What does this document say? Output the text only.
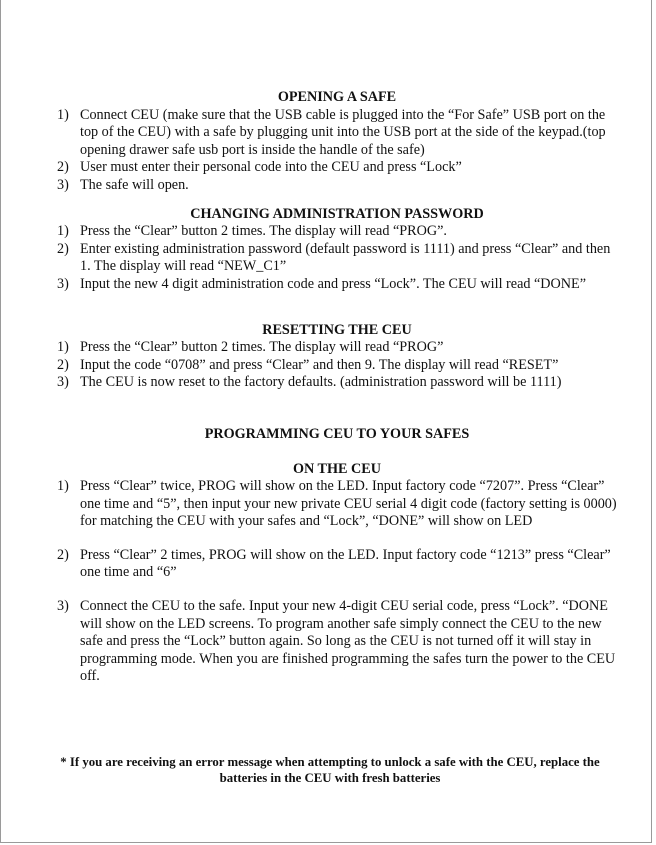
OPENING A SAFE

1) Connect CEU (make sure that the USB cable is plugged into the “For Safe” USB port on the top of the CEU) with a safe by plugging unit into the USB port at the side of the keypad.(top opening drawer safe usb port is inside the handle of the safe)
2) User must enter their personal code into the CEU and press “Lock”
3) The safe will open.

CHANGING ADMINISTRATION PASSWORD

1) Press the “Clear” button 2 times. The display will read “PROG”.
2) Enter existing administration password (default password is 1111) and press “Clear” and then 1. The display will read “NEW_C1”
3) Input the new 4 digit administration code and press “Lock”. The CEU will read “DONE”

RESETTING THE CEU

1) Press the “Clear” button 2 times. The display will read “PROG”
2) Input the code “0708” and press “Clear” and then 9. The display will read “RESET”
3) The CEU is now reset to the factory defaults. (administration password will be 1111)

PROGRAMMING CEU TO YOUR SAFES

ON THE CEU

1) Press “Clear” twice, PROG will show on the LED. Input factory code “7207”. Press “Clear” one time and “5”, then input your new private CEU serial 4 digit code (factory setting is 0000) for matching the CEU with your safes and “Lock”, “DONE” will show on LED
2) Press “Clear” 2 times, PROG will show on the LED. Input factory code “1213” press “Clear” one time and “6”
3) Connect the CEU to the safe. Input your new 4-digit CEU serial code, press “Lock”. “DONE will show on the LED screens. To program another safe simply connect the CEU to the new safe and press the “Lock” button again. So long as the CEU is not turned off it will stay in programming mode. When you are finished programming the safes turn the power to the CEU off.

* If you are receiving an error message when attempting to unlock a safe with the CEU, replace the batteries in the CEU with fresh batteries
